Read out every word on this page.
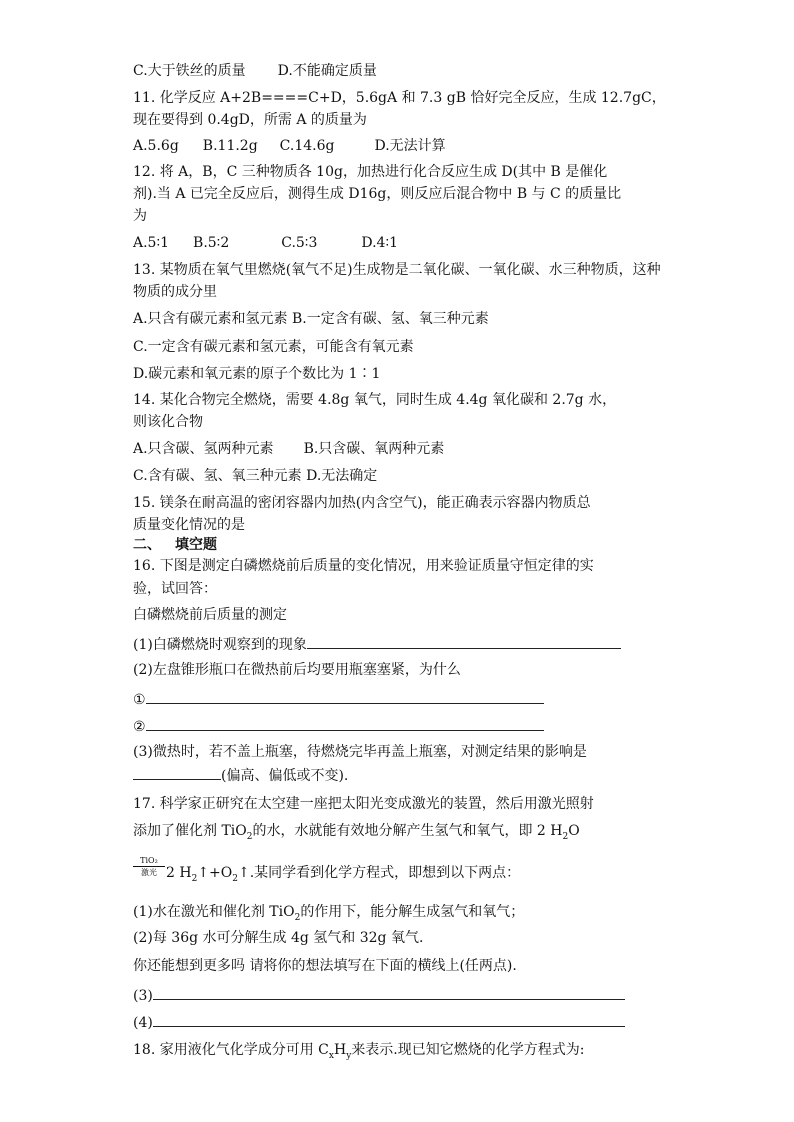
C.大于铁丝的质量 D.不能确定质量
11. 化学反应 A+2B====C+D，5.6gA 和 7.3 gB 恰好完全反应，生成 12.7gC，
现在要得到 0.4gD，所需 A 的质量为
A.5.6g B.11.2g C.14.6g	D.无法计算
12. 将 A，B，C 三种物质各 10g，加热进行化合反应生成 D(其中 B 是催化
剂).当 A 已完全反应后，测得生成 D16g，则反应后混合物中 B 与 C 的质量比
为
A.5∶1 B.5∶2	C.5∶3	D.4∶1
13. 某物质在氧气里燃烧(氧气不足)生成物是二氧化碳、一氧化碳、水三种物质，这种
物质的成分里
A.只含有碳元素和氢元素 B.一定含有碳、氢、氧三种元素
C.一定含有碳元素和氢元素，可能含有氧元素
D.碳元素和氧元素的原子个数比为 1∶1
14. 某化合物完全燃烧，需要 4.8g 氧气，同时生成 4.4g 氧化碳和 2.7g 水，
则该化合物
A.只含碳、氢两种元素 B.只含碳、氧两种元素
C.含有碳、氢、氧三种元素 D.无法确定
15. 镁条在耐高温的密闭容器内加热(内含空气)，能正确表示容器内物质总
质量变化情况的是
二、 填空题
16. 下图是测定白磷燃烧前后质量的变化情况，用来验证质量守恒定律的实
验，试回答：
白磷燃烧前后质量的测定
(1)白磷燃烧时观察到的现象
(2)左盘锥形瓶口在微热前后均要用瓶塞塞紧，为什么
①
②
(3)微热时，若不盖上瓶塞，待燃烧完毕再盖上瓶塞，对测定结果的影响是
(偏高、偏低或不变).
17. 科学家正研究在太空建一座把太阳光变成激光的装置，然后用激光照射
添加了催化剂 TiO$_2$的水，水就能有效地分解产生氢气和氧气，即 2 $H_2O$
TiO₂
激光 2 $H_2↑+O_2↑$.某同学看到化学方程式，即想到以下两点：
(1)水在激光和催化剂 TiO$_2$的作用下，能分解生成氢气和氧气；
(2)每 36g 水可分解生成 4g 氢气和 32g 氧气.
你还能想到更多吗 请将你的想法填写在下面的横线上(任两点).
(3)
(4)
18. 家用液化气化学成分可用 $C_xH_y$来表示.现已知它燃烧的化学方程式为:
